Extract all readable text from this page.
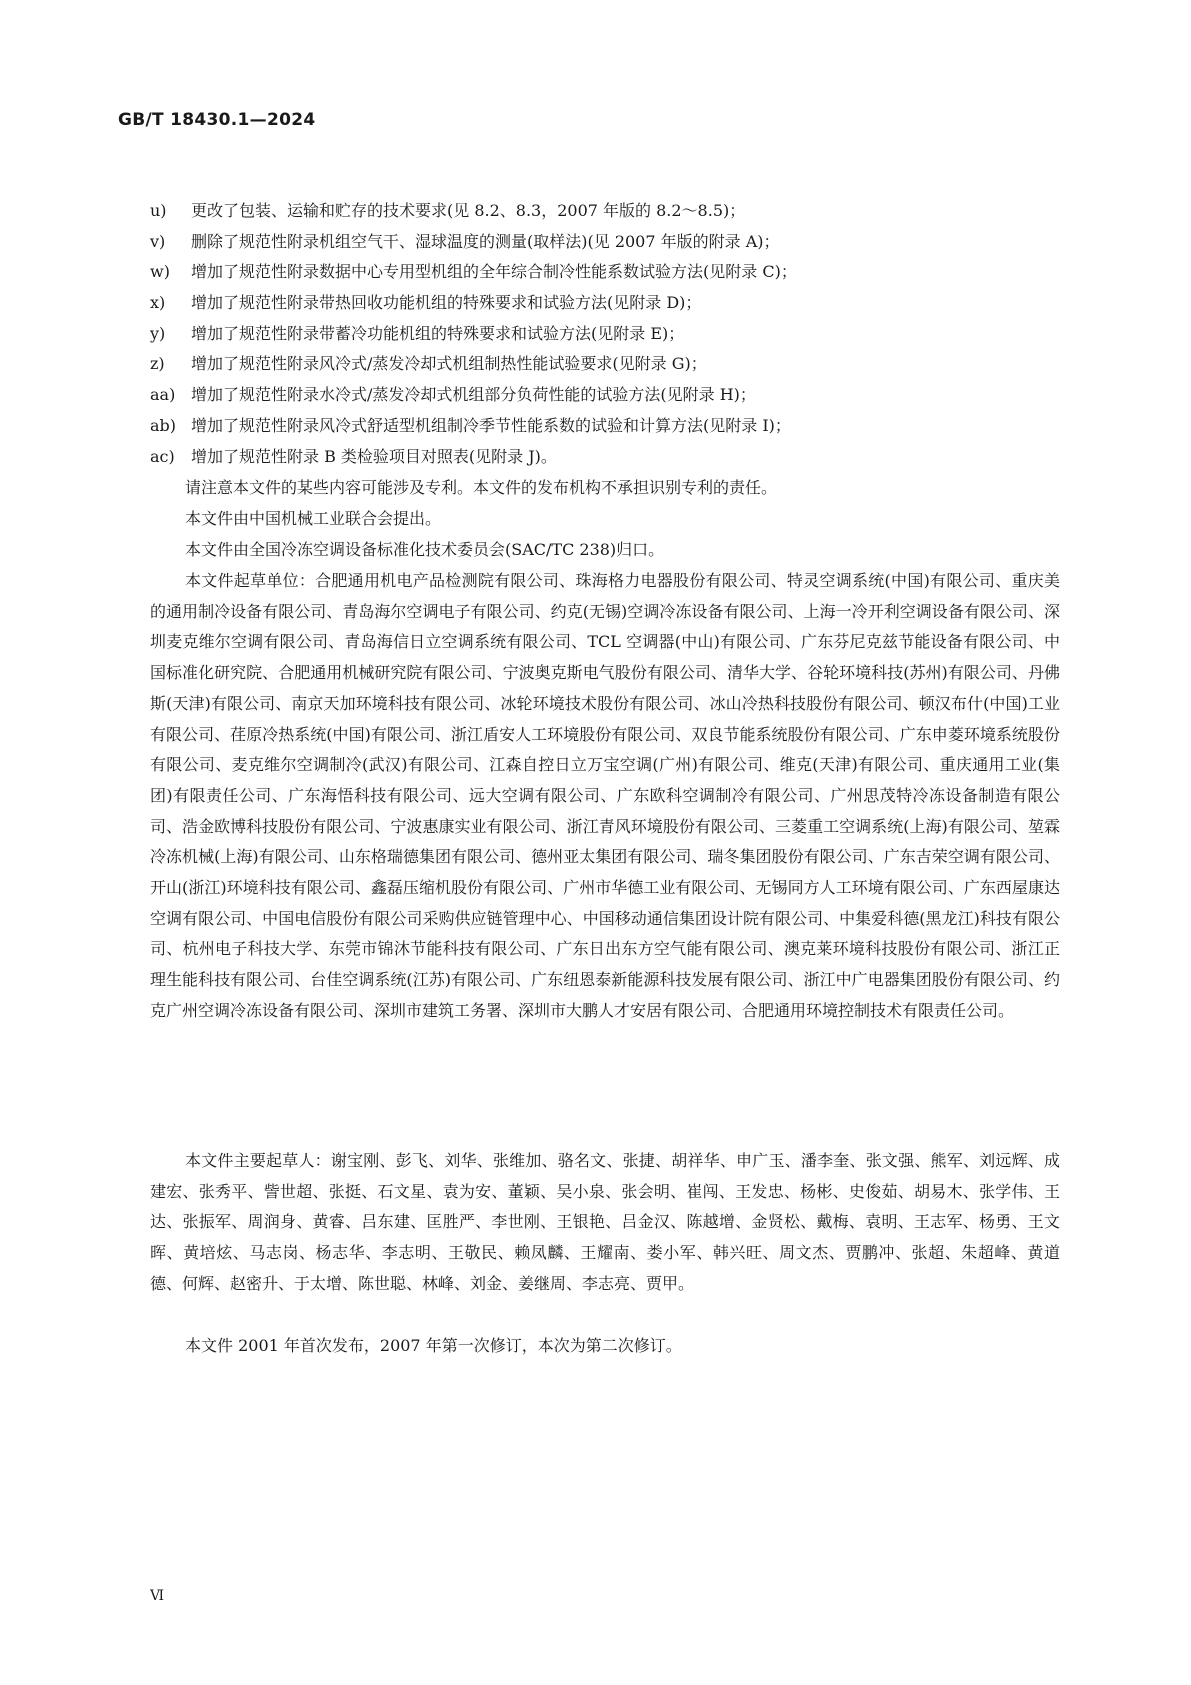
GB/T 18430.1—2024
u)	更改了包装、运输和贮存的技术要求(见 8.2、8.3，2007 年版的 8.2～8.5)；
v)	删除了规范性附录机组空气干、湿球温度的测量(取样法)(见 2007 年版的附录 A)；
w)	增加了规范性附录数据中心专用型机组的全年综合制冷性能系数试验方法(见附录 C)；
x)	增加了规范性附录带热回收功能机组的特殊要求和试验方法(见附录 D)；
y)	增加了规范性附录带蓄冷功能机组的特殊要求和试验方法(见附录 E)；
z)	增加了规范性附录风冷式/蒸发冷却式机组制热性能试验要求(见附录 G)；
aa) 增加了规范性附录水冷式/蒸发冷却式机组部分负荷性能的试验方法(见附录 H)；
ab) 增加了规范性附录风冷式舒适型机组制冷季节性能系数的试验和计算方法(见附录 I)；
ac)	增加了规范性附录 B 类检验项目对照表(见附录 J)。

请注意本文件的某些内容可能涉及专利。本文件的发布机构不承担识别专利的责任。

本文件由中国机械工业联合会提出。

本文件由全国冷冻空调设备标准化技术委员会(SAC/TC 238)归口。

本文件起草单位：合肥通用机电产品检测院有限公司、珠海格力电器股份有限公司、特灵空调系统(中国)有限公司、重庆美的通用制冷设备有限公司、青岛海尔空调电子有限公司、约克(无锡)空调冷冻设备有限公司、上海一冷开利空调设备有限公司、深圳麦克维尔空调有限公司、青岛海信日立空调系统有限公司、TCL 空调器(中山)有限公司、广东芬尼克兹节能设备有限公司、中国标准化研究院、合肥通用机械研究院有限公司、宁波奥克斯电气股份有限公司、清华大学、谷轮环境科技(苏州)有限公司、丹佛斯(天津)有限公司、南京天加环境科技有限公司、冰轮环境技术股份有限公司、冰山冷热科技股份有限公司、顿汉布什(中国)工业有限公司、荏原冷热系统(中国)有限公司、浙江盾安人工环境股份有限公司、双良节能系统股份有限公司、广东申菱环境系统股份有限公司、麦克维尔空调制冷(武汉)有限公司、江森自控日立万宝空调(广州)有限公司、维克(天津)有限公司、重庆通用工业(集团)有限责任公司、广东海悟科技有限公司、远大空调有限公司、广东欧科空调制冷有限公司、广州思茂特冷冻设备制造有限公司、浩金欧博科技股份有限公司、宁波惠康实业有限公司、浙江青风环境股份有限公司、三菱重工空调系统(上海)有限公司、堃霖冷冻机械(上海)有限公司、山东格瑞德集团有限公司、德州亚太集团有限公司、瑞冬集团股份有限公司、广东吉荣空调有限公司、开山(浙江)环境科技有限公司、鑫磊压缩机股份有限公司、广州市华德工业有限公司、无锡同方人工环境有限公司、广东西屋康达空调有限公司、中国电信股份有限公司采购供应链管理中心、中国移动通信集团设计院有限公司、中集爱科德(黑龙江)科技有限公司、杭州电子科技大学、东莞市锦沐节能科技有限公司、广东日出东方空气能有限公司、澳克莱环境科技股份有限公司、浙江正理生能科技有限公司、台佳空调系统(江苏)有限公司、广东纽恩泰新能源科技发展有限公司、浙江中广电器集团股份有限公司、约克广州空调冷冻设备有限公司、深圳市建筑工务署、深圳市大鹏人才安居有限公司、合肥通用环境控制技术有限责任公司。

本文件主要起草人：谢宝刚、彭飞、刘华、张维加、骆名文、张捷、胡祥华、申广玉、潘李奎、张文强、熊军、刘远辉、成建宏、张秀平、訾世超、张挺、石文星、袁为安、董颖、吴小泉、张会明、崔闯、王发忠、杨彬、史俊茹、胡易木、张学伟、王达、张振军、周润身、黄睿、吕东建、匡胜严、李世刚、王银艳、吕金汉、陈越增、金贤松、戴梅、袁明、王志军、杨勇、王文晖、黄培炫、马志岗、杨志华、李志明、王敬民、赖凤麟、王耀南、娄小军、韩兴旺、周文杰、贾鹏冲、张超、朱超峰、黄道德、何辉、赵密升、于太增、陈世聪、林峰、刘金、姜继周、李志亮、贾甲。

本文件 2001 年首次发布，2007 年第一次修订，本次为第二次修订。

Ⅵ
